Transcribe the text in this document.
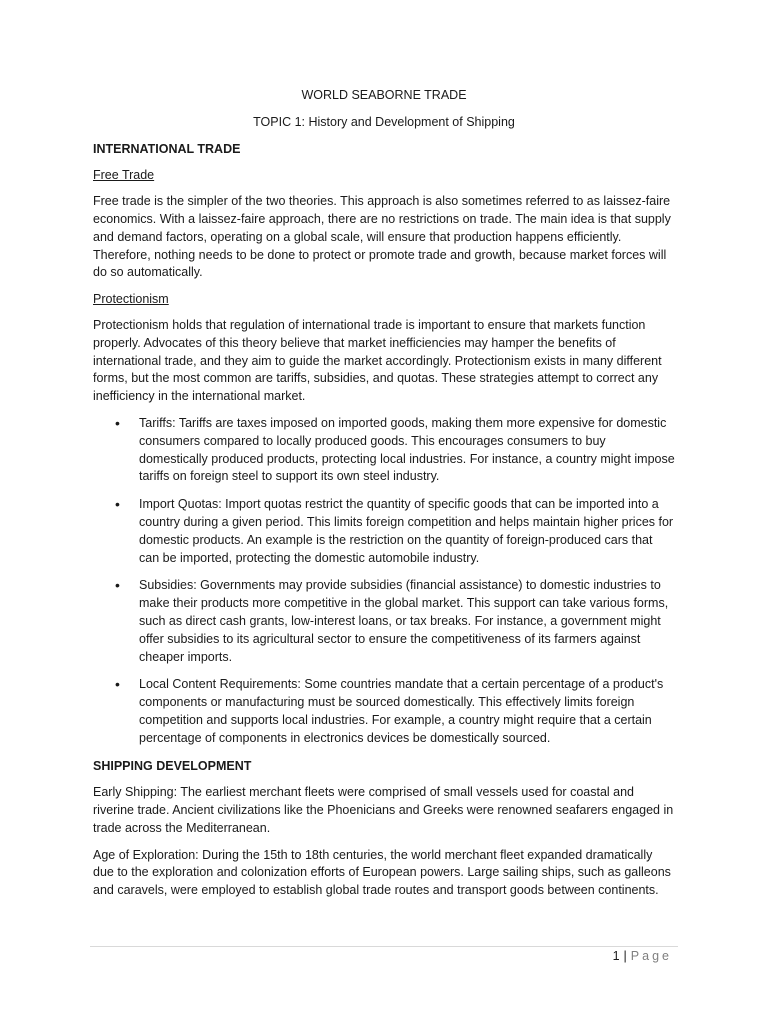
WORLD SEABORNE TRADE

TOPIC 1: History and Development of Shipping

INTERNATIONAL TRADE

Free Trade

Free trade is the simpler of the two theories. This approach is also sometimes referred to as laissez-faire economics. With a laissez-faire approach, there are no restrictions on trade. The main idea is that supply and demand factors, operating on a global scale, will ensure that production happens efficiently. Therefore, nothing needs to be done to protect or promote trade and growth, because market forces will do so automatically.

Protectionism

Protectionism holds that regulation of international trade is important to ensure that markets function properly. Advocates of this theory believe that market inefficiencies may hamper the benefits of international trade, and they aim to guide the market accordingly. Protectionism exists in many different forms, but the most common are tariffs, subsidies, and quotas. These strategies attempt to correct any inefficiency in the international market.

• Tariffs: Tariffs are taxes imposed on imported goods, making them more expensive for domestic consumers compared to locally produced goods. This encourages consumers to buy domestically produced products, protecting local industries. For instance, a country might impose tariffs on foreign steel to support its own steel industry.
• Import Quotas: Import quotas restrict the quantity of specific goods that can be imported into a country during a given period. This limits foreign competition and helps maintain higher prices for domestic products. An example is the restriction on the quantity of foreign-produced cars that can be imported, protecting the domestic automobile industry.
• Subsidies: Governments may provide subsidies (financial assistance) to domestic industries to make their products more competitive in the global market. This support can take various forms, such as direct cash grants, low-interest loans, or tax breaks. For instance, a government might offer subsidies to its agricultural sector to ensure the competitiveness of its farmers against cheaper imports.
• Local Content Requirements: Some countries mandate that a certain percentage of a product's components or manufacturing must be sourced domestically. This effectively limits foreign competition and supports local industries. For example, a country might require that a certain percentage of components in electronics devices be domestically sourced.

SHIPPING DEVELOPMENT

Early Shipping: The earliest merchant fleets were comprised of small vessels used for coastal and riverine trade. Ancient civilizations like the Phoenicians and Greeks were renowned seafarers engaged in trade across the Mediterranean.

Age of Exploration: During the 15th to 18th centuries, the world merchant fleet expanded dramatically due to the exploration and colonization efforts of European powers. Large sailing ships, such as galleons and caravels, were employed to establish global trade routes and transport goods between continents.

1 | Page
